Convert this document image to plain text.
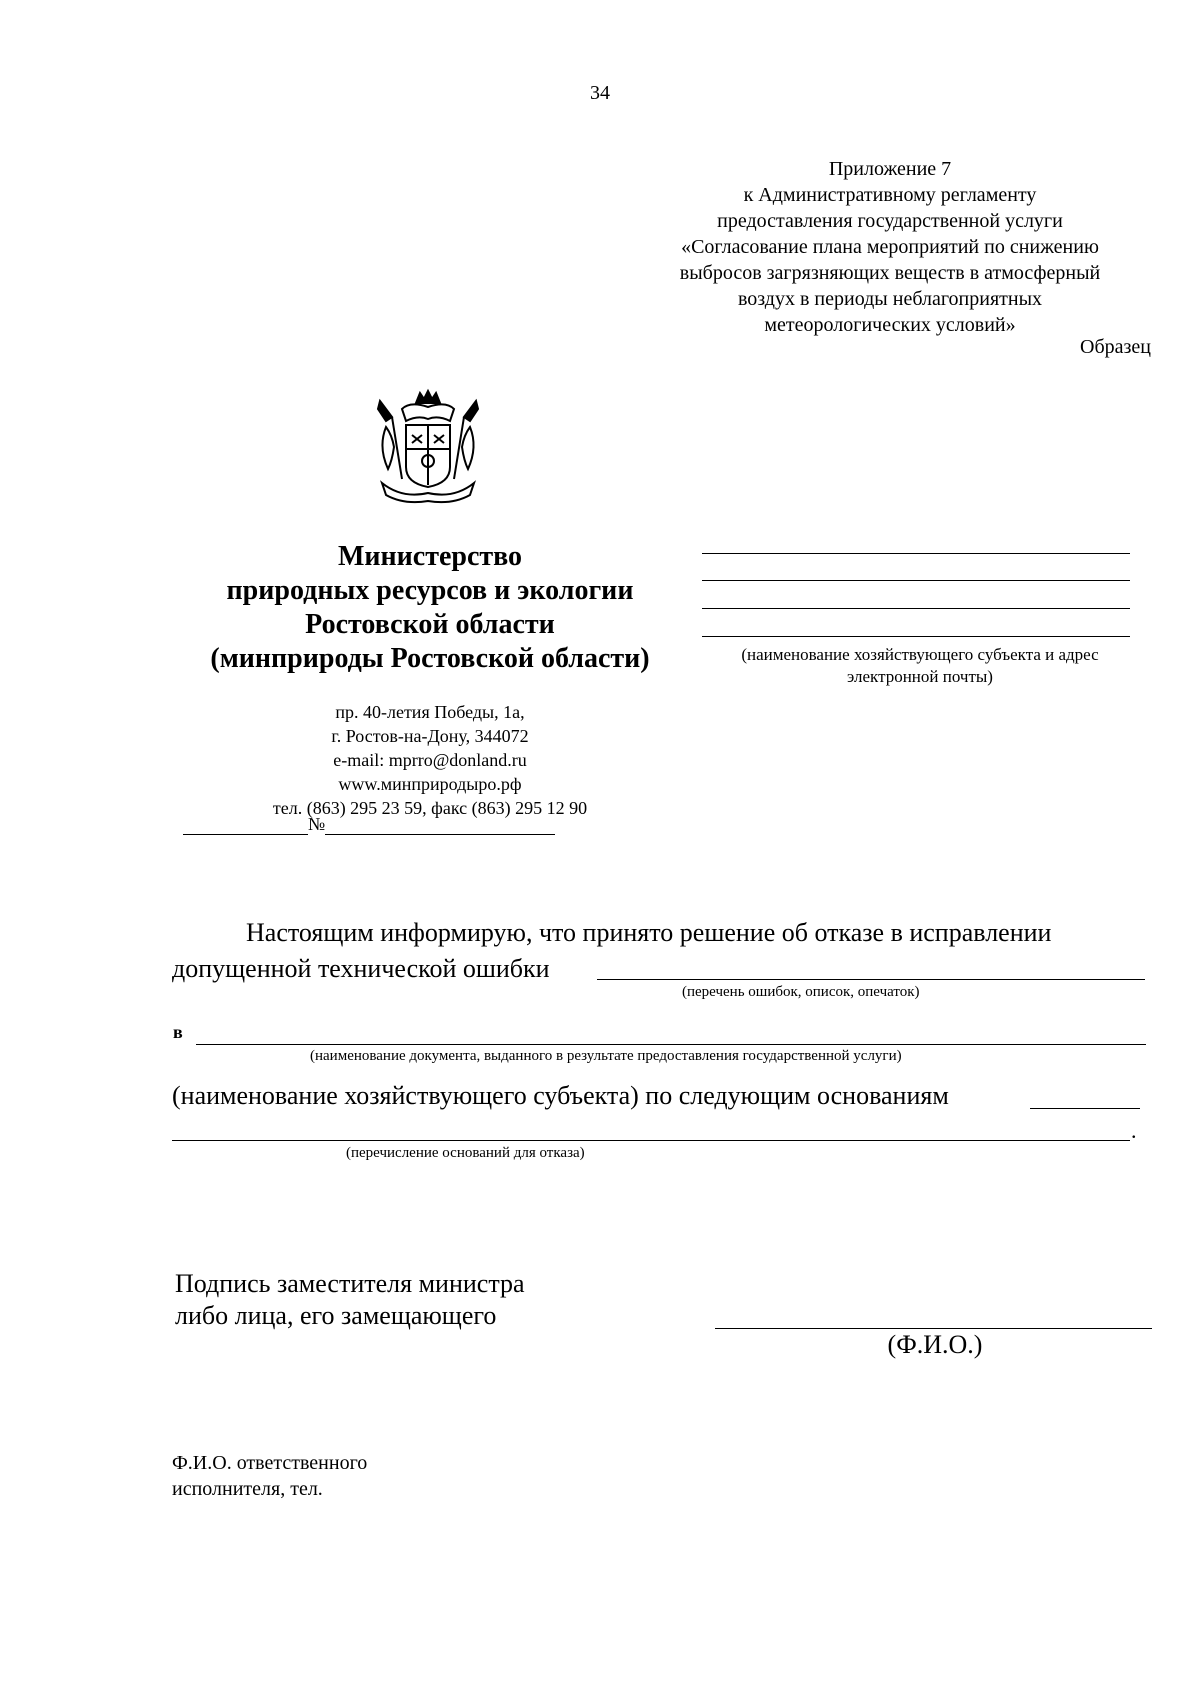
34
Приложение 7
к Административному регламенту
предоставления государственной услуги
«Согласование плана мероприятий по снижению
выбросов загрязняющих веществ в атмосферный
воздух в периоды неблагоприятных
метеорологических условий»
Образец
Министерство
природных ресурсов и экологии
Ростовской области
(минприроды Ростовской области)
пр. 40-летия Победы, 1а,
г. Ростов-на-Дону, 344072
e-mail: mprro@donland.ru
www.минприродыро.рф
тел. (863) 295 23 59, факс (863) 295 12 90
№
(наименование хозяйствующего субъекта и адрес
электронной почты)
Настоящим информирую, что принято решение об отказе в исправлении
допущенной технической ошибки
(перечень ошибок, описок, опечаток)
в
(наименование документа, выданного в результате предоставления государственной услуги)
(наименование хозяйствующего субъекта) по следующим основаниям
.
(перечисление оснований для отказа)
Подпись заместителя министра
либо лица, его замещающего
(Ф.И.О.)
Ф.И.О. ответственного
исполнителя, тел.
